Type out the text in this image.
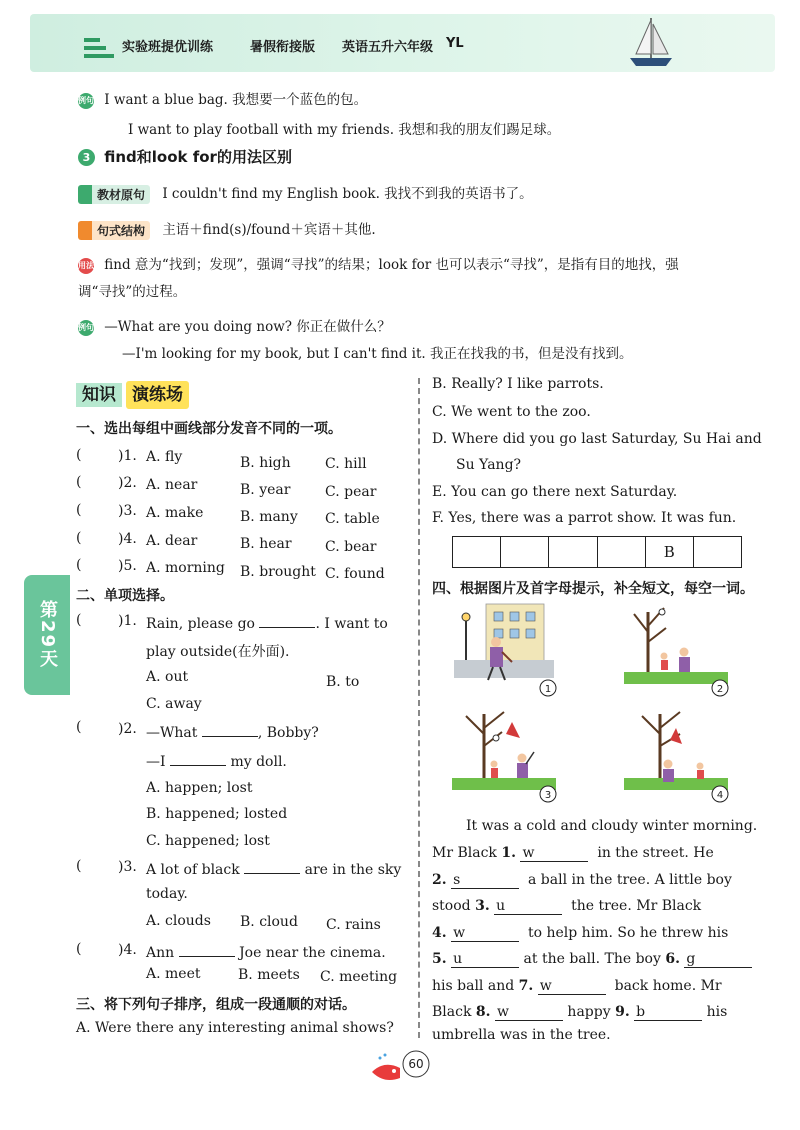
实验班提优训练	暑假衔接版 英语五升六年级 YL
第29天
例句 I want a blue bag. 我想要一个蓝色的包。
I want to play football with my friends. 我想和我的朋友们踢足球。
3 find和look for的用法区别
教材原句 I couldn't find my English book. 我找不到我的英语书了。
句式结构 主语＋find(s)/found＋宾语＋其他.
用法 find 意为“找到；发现”，强调“寻找”的结果；look for 也可以表示“寻找”，是指有目的地找，强
调“寻找”的过程。
例句 —What are you doing now? 你正在做什么？
—I'm looking for my book, but I can't find it. 我正在找我的书，但是没有找到。
知识 演练场
一、选出每组中画线部分发音不同的一项。
(	)1. A. fly	B. high C. hill
(	)2. A. near	B. year C. pear
(	)3. A. make	B. many C. table
(	)4. A. dear	B. hear C. bear
(	)5. A. morning B. brought C. found
二、单项选择。
(	)1. Rain, please go	. I want to
play outside(在外面).
A. out	B. to
C. away
(	)2. —What	, Bobby?
—I	my doll.
A. happen; lost
B. happened; losted
C. happened; lost
(	)3. A lot of black	are in the sky
today.
A. clouds B. cloud C. rains
(	)4. Ann	Joe near the cinema.
A. meet	B. meets C. meeting
三、将下列句子排序，组成一段通顺的对话。
A. Were there any interesting animal shows?
B. Really? I like parrots.
C. We went to the zoo.
D. Where did you go last Saturday, Su Hai and
Su Yang?
E. You can go there next Saturday.
F. Yes, there was a parrot show. It was fun.
B
四、根据图片及首字母提示，补全短文，每空一词。
1	2
3	4
It was a cold and cloudy winter morning.
Mr Black 1. w	in the street. He
2. s	a ball in the tree. A little boy
stood 3. u	the tree. Mr Black
4. w	to help him. So he threw his
5. u	at the ball. The boy 6. g
his ball and 7. w	back home. Mr
Black 8. w	happy 9. b	his
umbrella was in the tree.
60
